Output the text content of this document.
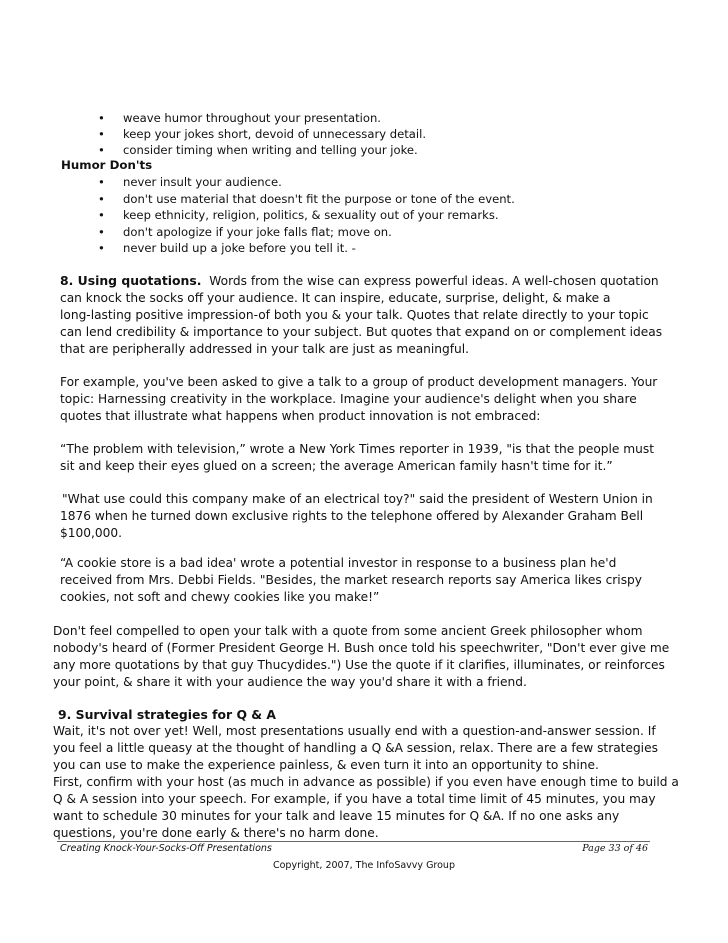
•	weave humor throughout your presentation.
•	keep your jokes short, devoid of unnecessary detail.
•	consider timing when writing and telling your joke.
Humor Don'ts
•	never insult your audience.
•	don't use material that doesn't fit the purpose or tone of the event.
•	keep ethnicity, religion, politics, & sexuality out of your remarks.
•	don't apologize if your joke falls flat; move on.
•	never build up a joke before you tell it. -
8. Using quotations. Words from the wise can express powerful ideas. A well-chosen quotation
can knock the socks off your audience. It can inspire, educate, surprise, delight, & make a
long-lasting positive impression-of both you & your talk. Quotes that relate directly to your topic
can lend credibility & importance to your subject. But quotes that expand on or complement ideas
that are peripherally addressed in your talk are just as meaningful.
For example, you've been asked to give a talk to a group of product development managers. Your
topic: Harnessing creativity in the workplace. Imagine your audience's delight when you share
quotes that illustrate what happens when product innovation is not embraced:
“The problem with television,” wrote a New York Times reporter in 1939, "is that the people must
sit and keep their eyes glued on a screen; the average American family hasn't time for it.”
"What use could this company make of an electrical toy?" said the president of Western Union in
1876 when he turned down exclusive rights to the telephone offered by Alexander Graham Bell
$100,000.
“A cookie store is a bad idea' wrote a potential investor in response to a business plan he'd
received from Mrs. Debbi Fields. "Besides, the market research reports say America likes crispy
cookies, not soft and chewy cookies like you make!”
Don't feel compelled to open your talk with a quote from some ancient Greek philosopher whom
nobody's heard of (Former President George H. Bush once told his speechwriter, "Don't ever give me
any more quotations by that guy Thucydides.") Use the quote if it clarifies, illuminates, or reinforces
your point, & share it with your audience the way you'd share it with a friend.
9. Survival strategies for Q & A
Wait, it's not over yet! Well, most presentations usually end with a question-and-answer session. If
you feel a little queasy at the thought of handling a Q &A session, relax. There are a few strategies
you can use to make the experience painless, & even turn it into an opportunity to shine.
First, confirm with your host (as much in advance as possible) if you even have enough time to build a
Q & A session into your speech. For example, if you have a total time limit of 45 minutes, you may
want to schedule 30 minutes for your talk and leave 15 minutes for Q &A. If no one asks any
questions, you're done early & there's no harm done.
Creating Knock-Your-Socks-Off Presentations	Page 33 of 46
Copyright, 2007, The InfoSavvy Group
